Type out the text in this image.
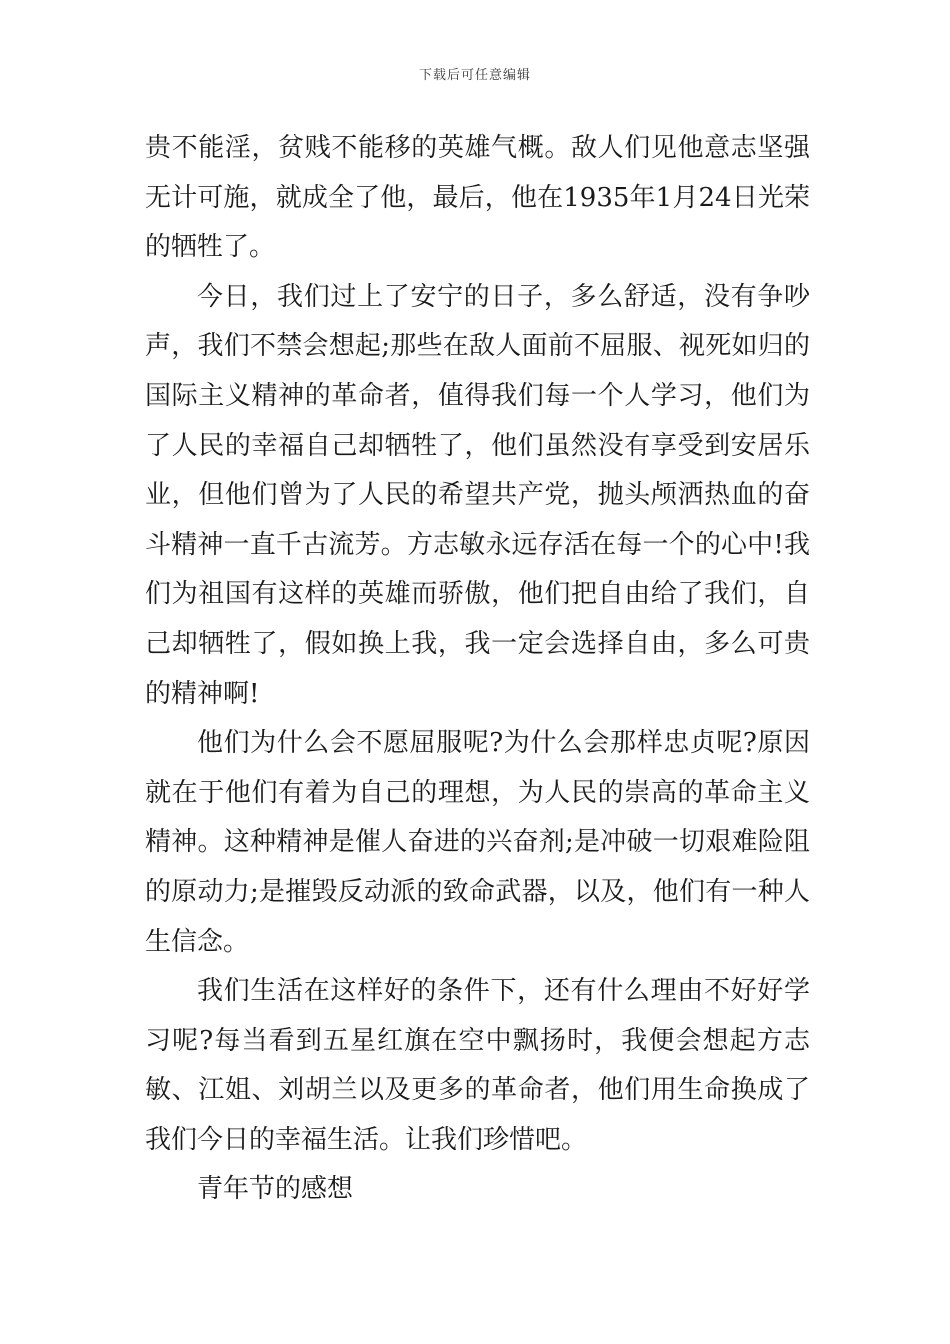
下载后可任意编辑

贵不能淫，贫贱不能移的英雄气概。敌人们见他意志坚强无计可施，就成全了他，最后，他在1935年1月24日光荣的牺牲了。

今日，我们过上了安宁的日子，多么舒适，没有争吵声，我们不禁会想起;那些在敌人面前不屈服、视死如归的国际主义精神的革命者，值得我们每一个人学习，他们为了人民的幸福自己却牺牲了，他们虽然没有享受到安居乐业，但他们曾为了人民的希望共产党，抛头颅洒热血的奋斗精神一直千古流芳。方志敏永远存活在每一个的心中!我们为祖国有这样的英雄而骄傲，他们把自由给了我们，自己却牺牲了，假如换上我，我一定会选择自由，多么可贵的精神啊!

他们为什么会不愿屈服呢?为什么会那样忠贞呢?原因就在于他们有着为自己的理想，为人民的崇高的革命主义精神。这种精神是催人奋进的兴奋剂;是冲破一切艰难险阻的原动力;是摧毁反动派的致命武器，以及，他们有一种人生信念。

我们生活在这样好的条件下，还有什么理由不好好学习呢?每当看到五星红旗在空中飘扬时，我便会想起方志敏、江姐、刘胡兰以及更多的革命者，他们用生命换成了我们今日的幸福生活。让我们珍惜吧。

青年节的感想
